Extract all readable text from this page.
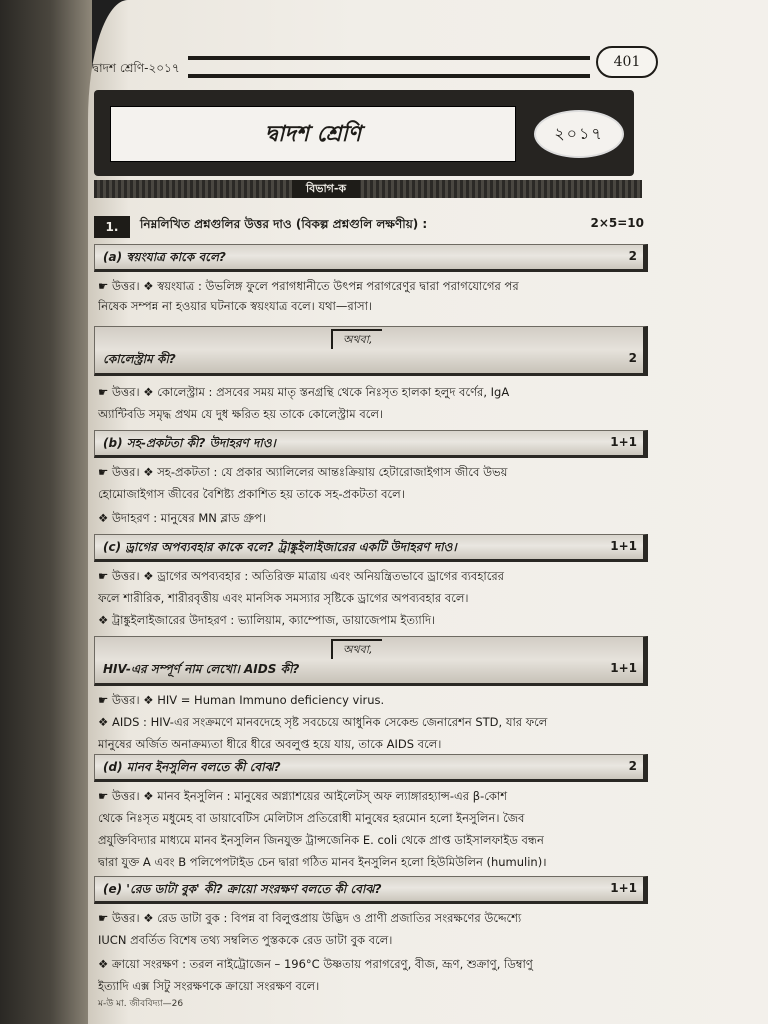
দ্বাদশ শ্রেণি-২০১৭	401
দ্বাদশ শ্রেণি	২০১৭
বিভাগ-ক
1.	নিম্নলিখিত প্রশ্নগুলির উত্তর দাও (বিকল্প প্রশ্নগুলি লক্ষণীয়) :	2×5=10
(a) স্বয়ংযাত্র কাকে বলে?	2
☛ উত্তর। ❖ স্বয়ংযাত্র : উভলিঙ্গ ফুলে পরাগধানীতে উৎপন্ন পরাগরেণুর দ্বারা পরাগযোগের পর
নিষেক সম্পন্ন না হওয়ার ঘটনাকে স্বয়ংযাত্র বলে। যথা—রাসা।
অথবা,
কোলেস্ট্রাম কী?	2
☛ উত্তর। ❖ কোলেস্ট্রাম : প্রসবের সময় মাতৃ স্তনগ্রন্থি থেকে নিঃসৃত হালকা হলুদ বর্ণের, IgA
অ্যান্টিবডি সমৃদ্ধ প্রথম যে দুধ ক্ষরিত হয় তাকে কোলেস্ট্রাম বলে।
(b) সহ-প্রকটতা কী? উদাহরণ দাও।	1+1
☛ উত্তর। ❖ সহ-প্রকটতা : যে প্রকার অ্যালিলের আন্তঃক্রিয়ায় হেটারোজাইগাস জীবে উভয়
হোমোজাইগাস জীবের বৈশিষ্ট্য প্রকাশিত হয় তাকে সহ-প্রকটতা বলে।
❖ উদাহরণ : মানুষের MN ব্লাড গ্রুপ।
(c) ড্রাগের অপব্যবহার কাকে বলে? ট্রাঙ্কুইলাইজারের একটি উদাহরণ দাও।	1+1
☛ উত্তর। ❖ ড্রাগের অপব্যবহার : অতিরিক্ত মাত্রায় এবং অনিয়ন্ত্রিতভাবে ড্রাগের ব্যবহারের
ফলে শারীরিক, শারীরবৃত্তীয় এবং মানসিক সমস্যার সৃষ্টিকে ড্রাগের অপব্যবহার বলে।
❖ ট্রাঙ্কুইলাইজারের উদাহরণ : ভ্যালিয়াম, ক্যাম্পোজ, ডায়াজেপাম ইত্যাদি।
অথবা,
HIV-এর সম্পূর্ণ নাম লেখো। AIDS কী?	1+1
☛ উত্তর। ❖ HIV = Human Immuno deficiency virus.
❖ AIDS : HIV-এর সংক্রমণে মানবদেহে সৃষ্ট সবচেয়ে আধুনিক সেকেন্ড জেনারেশন STD, যার ফলে
মানুষের অর্জিত অনাক্রম্যতা ধীরে ধীরে অবলুপ্ত হয়ে যায়, তাকে AIDS বলে।
(d) মানব ইনসুলিন বলতে কী বোঝ?	2
☛ উত্তর। ❖ মানব ইনসুলিন : মানুষের অগ্ন্যাশয়ের আইলেটস্ অফ ল্যাঙ্গারহ্যান্স-এর β-কোশ
থেকে নিঃসৃত মধুমেহ বা ডায়াবেটিস মেলিটাস প্রতিরোধী মানুষের হরমোন হলো ইনসুলিন। জৈব
প্রযুক্তিবিদ্যার মাধ্যমে মানব ইনসুলিন জিনযুক্ত ট্রান্সজেনিক E. coli থেকে প্রাপ্ত ডাইসালফাইড বন্ধন
দ্বারা যুক্ত A এবং B পলিপেপটাইড চেন দ্বারা গঠিত মানব ইনসুলিন হলো হিউমিউলিন (humulin)।
(e) 'রেড ডাটা বুক' কী? ক্রায়ো সংরক্ষণ বলতে কী বোঝ?	1+1
☛ উত্তর। ❖ রেড ডাটা বুক : বিপন্ন বা বিলুপ্তপ্রায় উদ্ভিদ ও প্রাণী প্রজাতির সংরক্ষণের উদ্দেশ্যে
IUCN প্রবর্তিত বিশেষ তথ্য সম্বলিত পুস্তককে রেড ডাটা বুক বলে।
❖ ক্রায়ো সংরক্ষণ : তরল নাইট্রোজেন – 196°C উষ্ণতায় পরাগরেণু, বীজ, ভ্রূণ, শুক্রাণু, ডিম্বাণু
ইত্যাদি এক্স সিটু সংরক্ষণকে ক্রায়ো সংরক্ষণ বলে।
ম-উ মা. জীববিদ্যা—26
